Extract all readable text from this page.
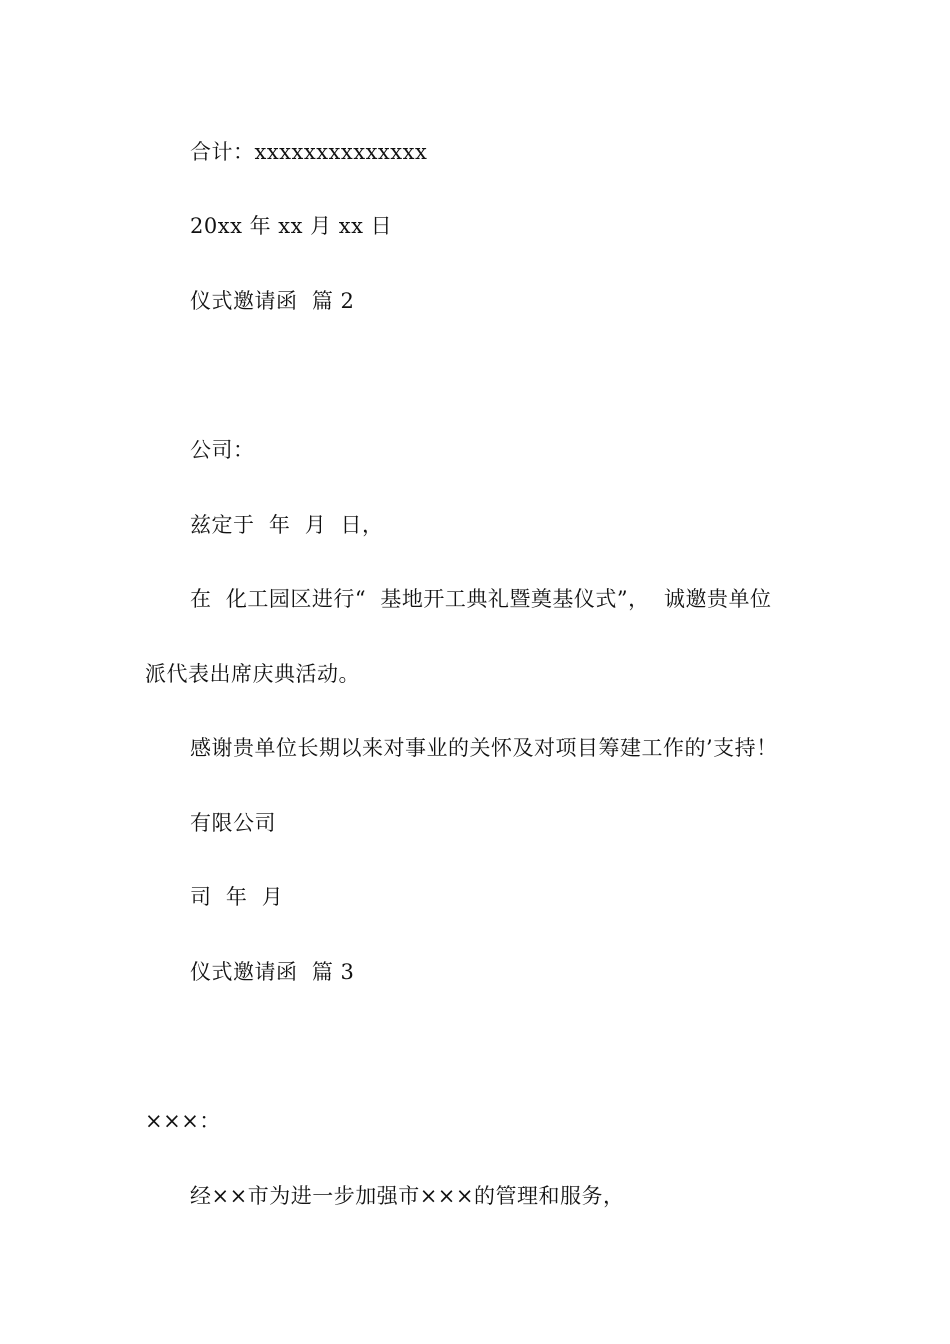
合计：xxxxxxxxxxxxxx
20xx 年 xx 月 xx 日
仪式邀请函  篇 2
公司：
兹定于  年  月  日，
在  化工园区进行“  基地开工典礼暨奠基仪式”，  诚邀贵单位
派代表出席庆典活动。
感谢贵单位长期以来对事业的关怀及对项目筹建工作的’支持！
有限公司
司  年  月
仪式邀请函  篇 3
×××：
经××市为进一步加强市×××的管理和服务，
